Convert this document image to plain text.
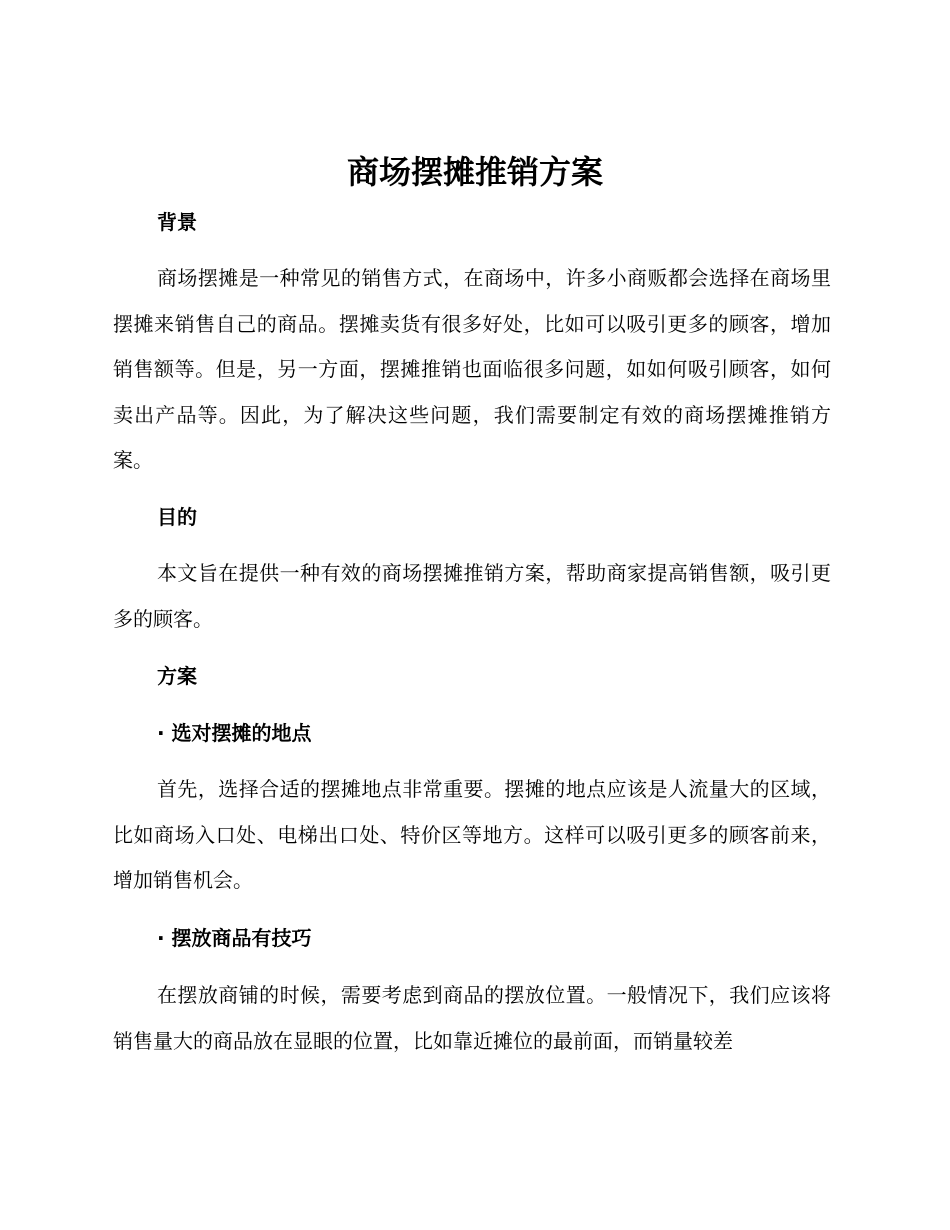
商场摆摊推销方案
背景

商场摆摊是一种常见的销售方式，在商场中，许多小商贩都会选择在商场里摆摊来销售自己的商品。摆摊卖货有很多好处，比如可以吸引更多的顾客，增加销售额等。但是，另一方面，摆摊推销也面临很多问题，如如何吸引顾客，如何卖出产品等。因此，为了解决这些问题，我们需要制定有效的商场摆摊推销方案。

目的

本文旨在提供一种有效的商场摆摊推销方案，帮助商家提高销售额，吸引更多的顾客。

方案
· 选对摆摊的地点

首先，选择合适的摆摊地点非常重要。摆摊的地点应该是人流量大的区域，比如商场入口处、电梯出口处、特价区等地方。这样可以吸引更多的顾客前来，增加销售机会。

· 摆放商品有技巧

在摆放商铺的时候，需要考虑到商品的摆放位置。一般情况下，我们应该将销售量大的商品放在显眼的位置，比如靠近摊位的最前面，而销量较差
